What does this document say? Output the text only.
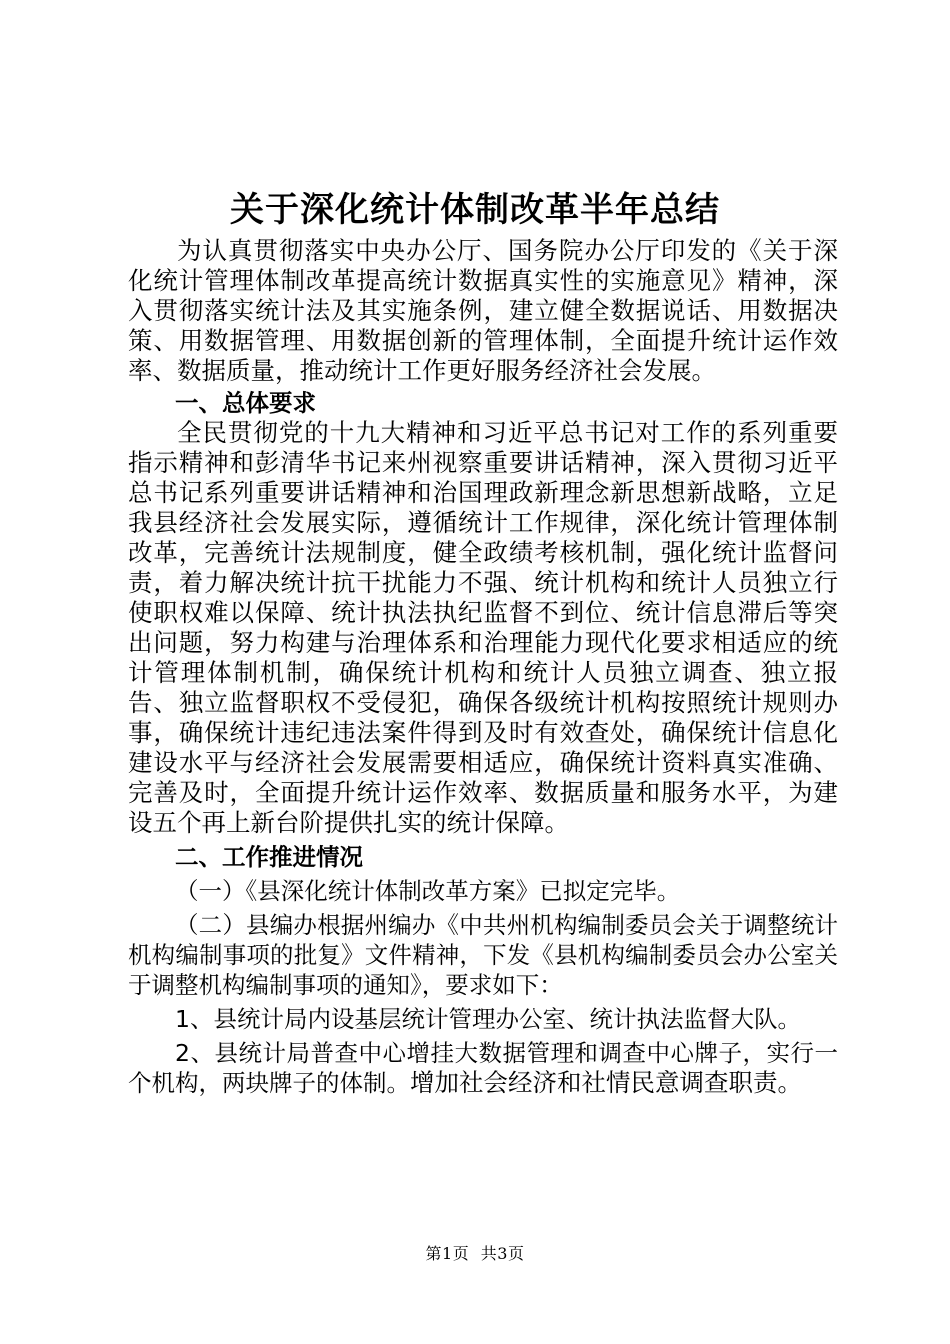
关于深化统计体制改革半年总结

为认真贯彻落实中央办公厅、国务院办公厅印发的《关于深化统计管理体制改革提高统计数据真实性的实施意见》精神，深入贯彻落实统计法及其实施条例，建立健全数据说话、用数据决策、用数据管理、用数据创新的管理体制，全面提升统计运作效率、数据质量，推动统计工作更好服务经济社会发展。

一、总体要求

全民贯彻党的十九大精神和习近平总书记对工作的系列重要指示精神和彭清华书记来州视察重要讲话精神，深入贯彻习近平总书记系列重要讲话精神和治国理政新理念新思想新战略，立足我县经济社会发展实际，遵循统计工作规律，深化统计管理体制改革，完善统计法规制度，健全政绩考核机制，强化统计监督问责，着力解决统计抗干扰能力不强、统计机构和统计人员独立行使职权难以保障、统计执法执纪监督不到位、统计信息滞后等突出问题，努力构建与治理体系和治理能力现代化要求相适应的统计管理体制机制，确保统计机构和统计人员独立调查、独立报告、独立监督职权不受侵犯，确保各级统计机构按照统计规则办事，确保统计违纪违法案件得到及时有效查处，确保统计信息化建设水平与经济社会发展需要相适应，确保统计资料真实准确、完善及时，全面提升统计运作效率、数据质量和服务水平，为建设五个再上新台阶提供扎实的统计保障。

二、工作推进情况

（一）《县深化统计体制改革方案》已拟定完毕。

（二）县编办根据州编办《中共州机构编制委员会关于调整统计机构编制事项的批复》文件精神，下发《县机构编制委员会办公室关于调整机构编制事项的通知》，要求如下：

1、县统计局内设基层统计管理办公室、统计执法监督大队。

2、县统计局普查中心增挂大数据管理和调查中心牌子，实行一个机构，两块牌子的体制。增加社会经济和社情民意调查职责。

第1页 共3页
